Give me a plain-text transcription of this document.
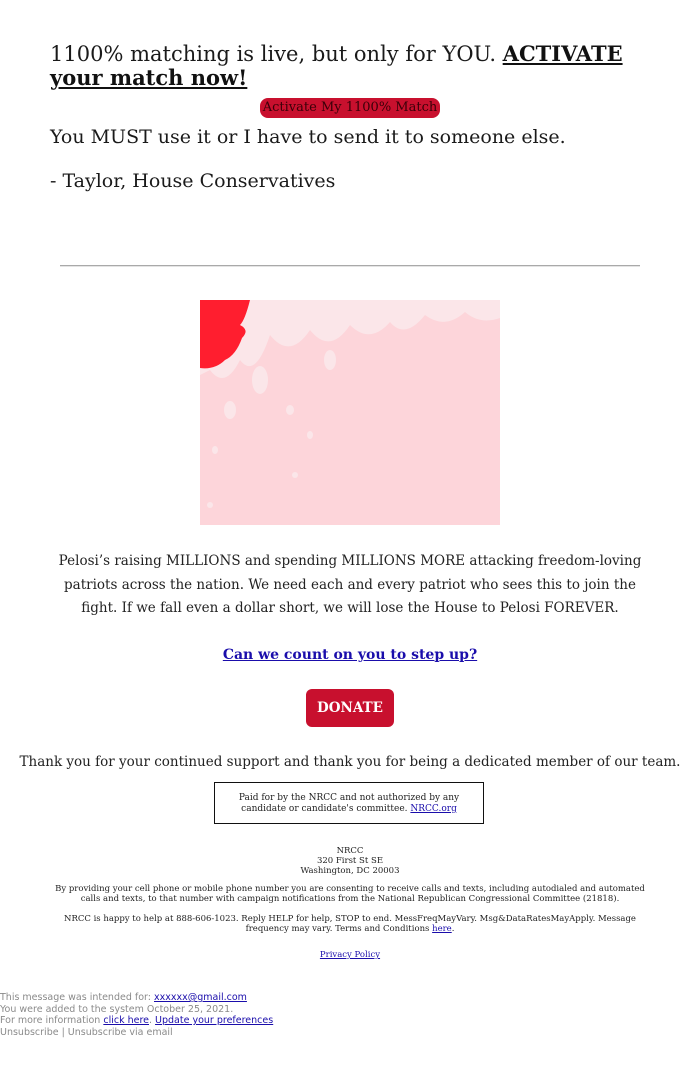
1100% matching is live, but only for YOU. ACTIVATE your match now!
Activate My 1100% Match
You MUST use it or I have to send it to someone else.
- Taylor, House Conservatives
Pelosi’s raising MILLIONS and spending MILLIONS MORE attacking freedom-loving patriots across the nation. We need each and every patriot who sees this to join the fight. If we fall even a dollar short, we will lose the House to Pelosi FOREVER.
Can we count on you to step up?
DONATE
Thank you for your continued support and thank you for being a dedicated member of our team.
Paid for by the NRCC and not authorized by any candidate or candidate's committee. NRCC.org
NRCC
320 First St SE
Washington, DC 20003
By providing your cell phone or mobile phone number you are consenting to receive calls and texts, including autodialed and automated calls and texts, to that number with campaign notifications from the National Republican Congressional Committee (21818).
NRCC is happy to help at 888-606-1023. Reply HELP for help, STOP to end. MessFreqMayVary. Msg&DataRatesMayApply. Message frequency may vary. Terms and Conditions here.
Privacy Policy
This message was intended for: xxxxxx@gmail.com
You were added to the system October 25, 2021.
For more information click here. Update your preferences
Unsubscribe | Unsubscribe via email
